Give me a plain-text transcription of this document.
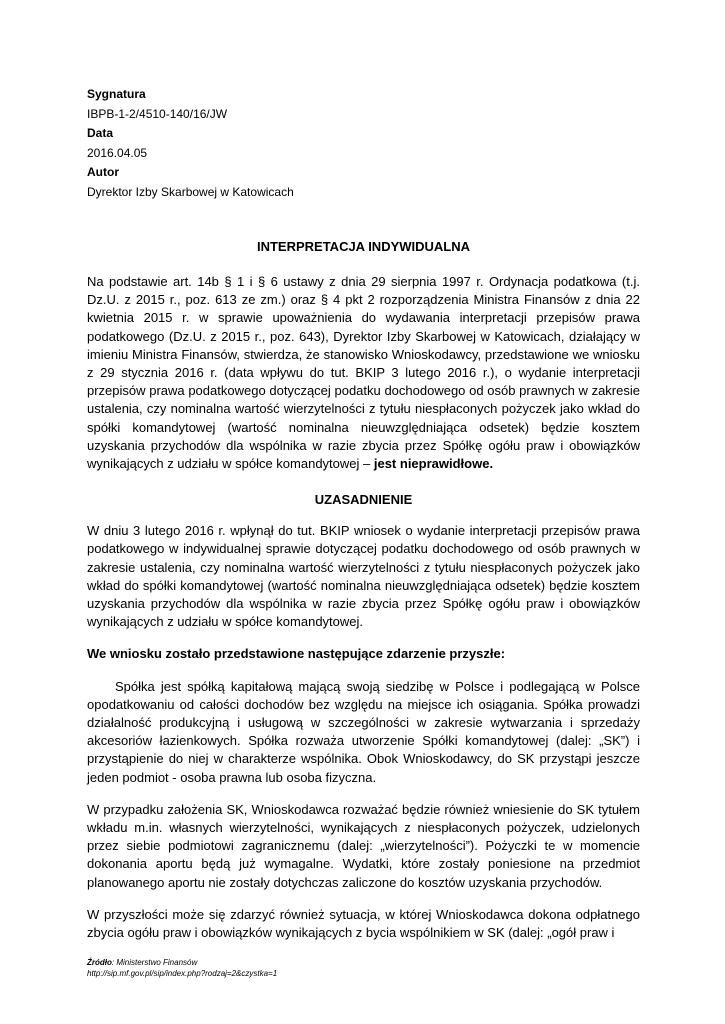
Sygnatura

IBPB-1-2/4510-140/16/JW

Data

2016.04.05

Autor

Dyrektor Izby Skarbowej w Katowicach

INTERPRETACJA INDYWIDUALNA

Na podstawie art. 14b § 1 i § 6 ustawy z dnia 29 sierpnia 1997 r. Ordynacja podatkowa (t.j. Dz.U. z 2015 r., poz. 613 ze zm.) oraz § 4 pkt 2 rozporządzenia Ministra Finansów z dnia 22 kwietnia 2015 r. w sprawie upoważnienia do wydawania interpretacji przepisów prawa podatkowego (Dz.U. z 2015 r., poz. 643), Dyrektor Izby Skarbowej w Katowicach, działający w imieniu Ministra Finansów, stwierdza, że stanowisko Wnioskodawcy, przedstawione we wniosku z 29 stycznia 2016 r. (data wpływu do tut. BKIP 3 lutego 2016 r.), o wydanie interpretacji przepisów prawa podatkowego dotyczącej podatku dochodowego od osób prawnych w zakresie ustalenia, czy nominalna wartość wierzytelności z tytułu niespłaconych pożyczek jako wkład do spółki komandytowej (wartość nominalna nieuwzględniająca odsetek) będzie kosztem uzyskania przychodów dla wspólnika w razie zbycia przez Spółkę ogółu praw i obowiązków wynikających z udziału w spółce komandytowej – jest nieprawidłowe.

UZASADNIENIE

W dniu 3 lutego 2016 r. wpłynął do tut. BKIP wniosek o wydanie interpretacji przepisów prawa podatkowego w indywidualnej sprawie dotyczącej podatku dochodowego od osób prawnych w zakresie ustalenia, czy nominalna wartość wierzytelności z tytułu niespłaconych pożyczek jako wkład do spółki komandytowej (wartość nominalna nieuwzględniająca odsetek) będzie kosztem uzyskania przychodów dla wspólnika w razie zbycia przez Spółkę ogółu praw i obowiązków wynikających z udziału w spółce komandytowej.

We wniosku zostało przedstawione następujące zdarzenie przyszłe:

Spółka jest spółką kapitałową mającą swoją siedzibę w Polsce i podlegającą w Polsce opodatkowaniu od całości dochodów bez względu na miejsce ich osiągania. Spółka prowadzi działalność produkcyjną i usługową w szczególności w zakresie wytwarzania i sprzedaży akcesoriów łazienkowych. Spółka rozważa utworzenie Spółki komandytowej (dalej: „SK”) i przystąpienie do niej w charakterze wspólnika. Obok Wnioskodawcy, do SK przystąpi jeszcze jeden podmiot - osoba prawna lub osoba fizyczna.

W przypadku założenia SK, Wnioskodawca rozważać będzie również wniesienie do SK tytułem wkładu m.in. własnych wierzytelności, wynikających z niespłaconych pożyczek, udzielonych przez siebie podmiotowi zagranicznemu (dalej: „wierzytelności”). Pożyczki te w momencie dokonania aportu będą już wymagalne. Wydatki, które zostały poniesione na przedmiot planowanego aportu nie zostały dotychczas zaliczone do kosztów uzyskania przychodów.

W przyszłości może się zdarzyć również sytuacja, w której Wnioskodawca dokona odpłatnego zbycia ogółu praw i obowiązków wynikających z bycia wspólnikiem w SK (dalej: „ogół praw i

Źródło: Ministerstwo Finansów
http://sip.mf.gov.pl/sip/index.php?rodzaj=2&czystka=1
